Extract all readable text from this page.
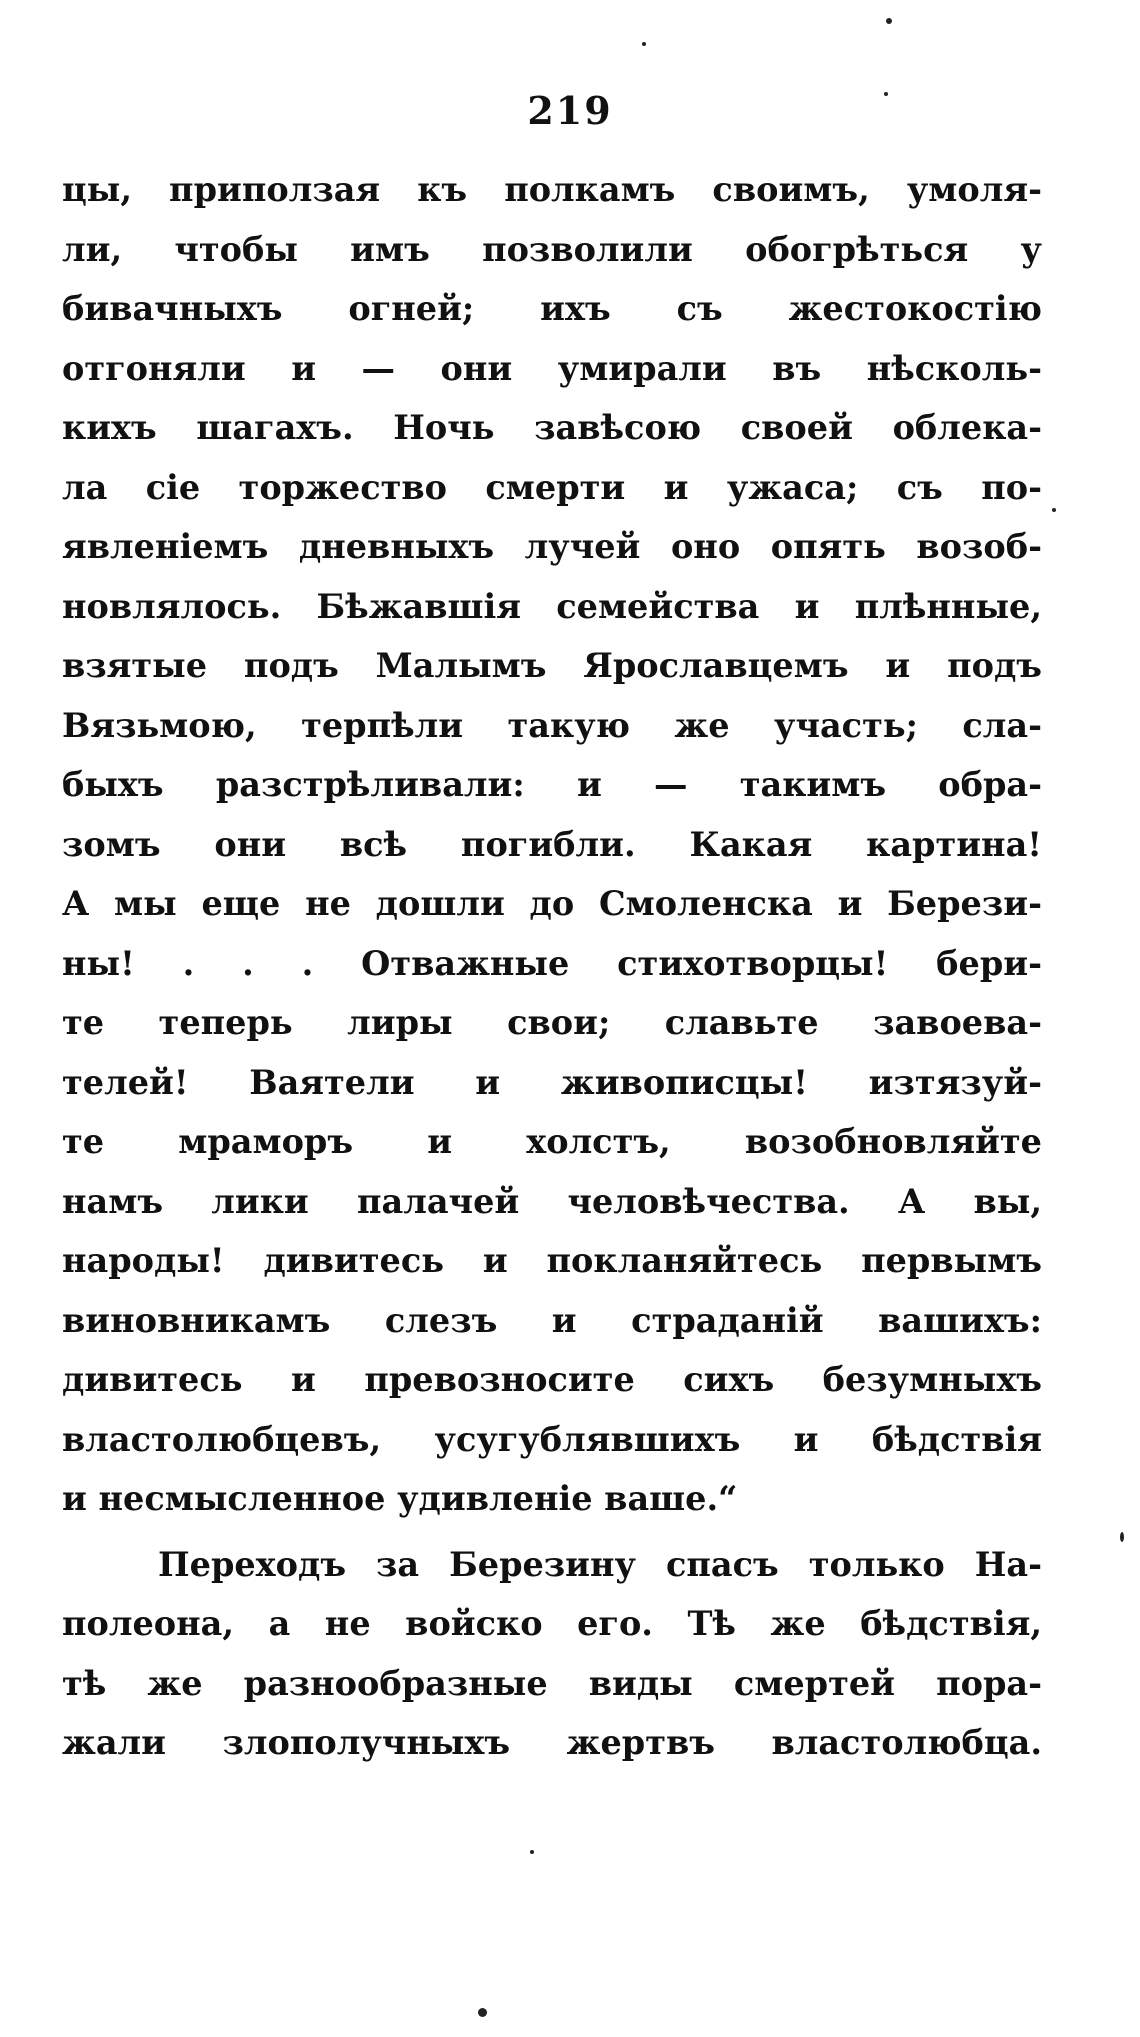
219
цы, приползая къ полкамъ своимъ, умоля-
ли, чтобы имъ позволили обогрѣться у
бивачныхъ огней; ихъ съ жестокостію
отгоняли и — они умирали въ нѣсколь-
кихъ шагахъ. Ночь завѣсою своей облека-
ла сіе торжество смерти и ужаса; съ по-
явленіемъ дневныхъ лучей оно опять возоб-
новлялось. Бѣжавшія семейства и плѣнные,
взятые подъ Малымъ Ярославцемъ и подъ
Вязьмою, терпѣли такую же участь; сла-
быхъ разстрѣливали: и — такимъ обра-
зомъ они всѣ погибли. Какая картина!
А мы еще не дошли до Смоленска и Берези-
ны! . . . Отважные стихотворцы! бери-
те теперь лиры свои; славьте завоева-
телей! Ваятели и живописцы! изтязуй-
те мраморъ и холстъ, возобновляйте
намъ лики палачей человѣчества. А вы,
народы! дивитесь и покланяйтесь первымъ
виновникамъ слезъ и страданій вашихъ:
дивитесь и превозносите сихъ безумныхъ
властолюбцевъ, усугублявшихъ и бѣдствія
и несмысленное удивленіе ваше.“
Переходъ за Березину спасъ только На-
полеона, а не войско его. Тѣ же бѣдствія,
тѣ же разнообразные виды смертей пора-
жали злополучныхъ жертвъ властолюбца.
